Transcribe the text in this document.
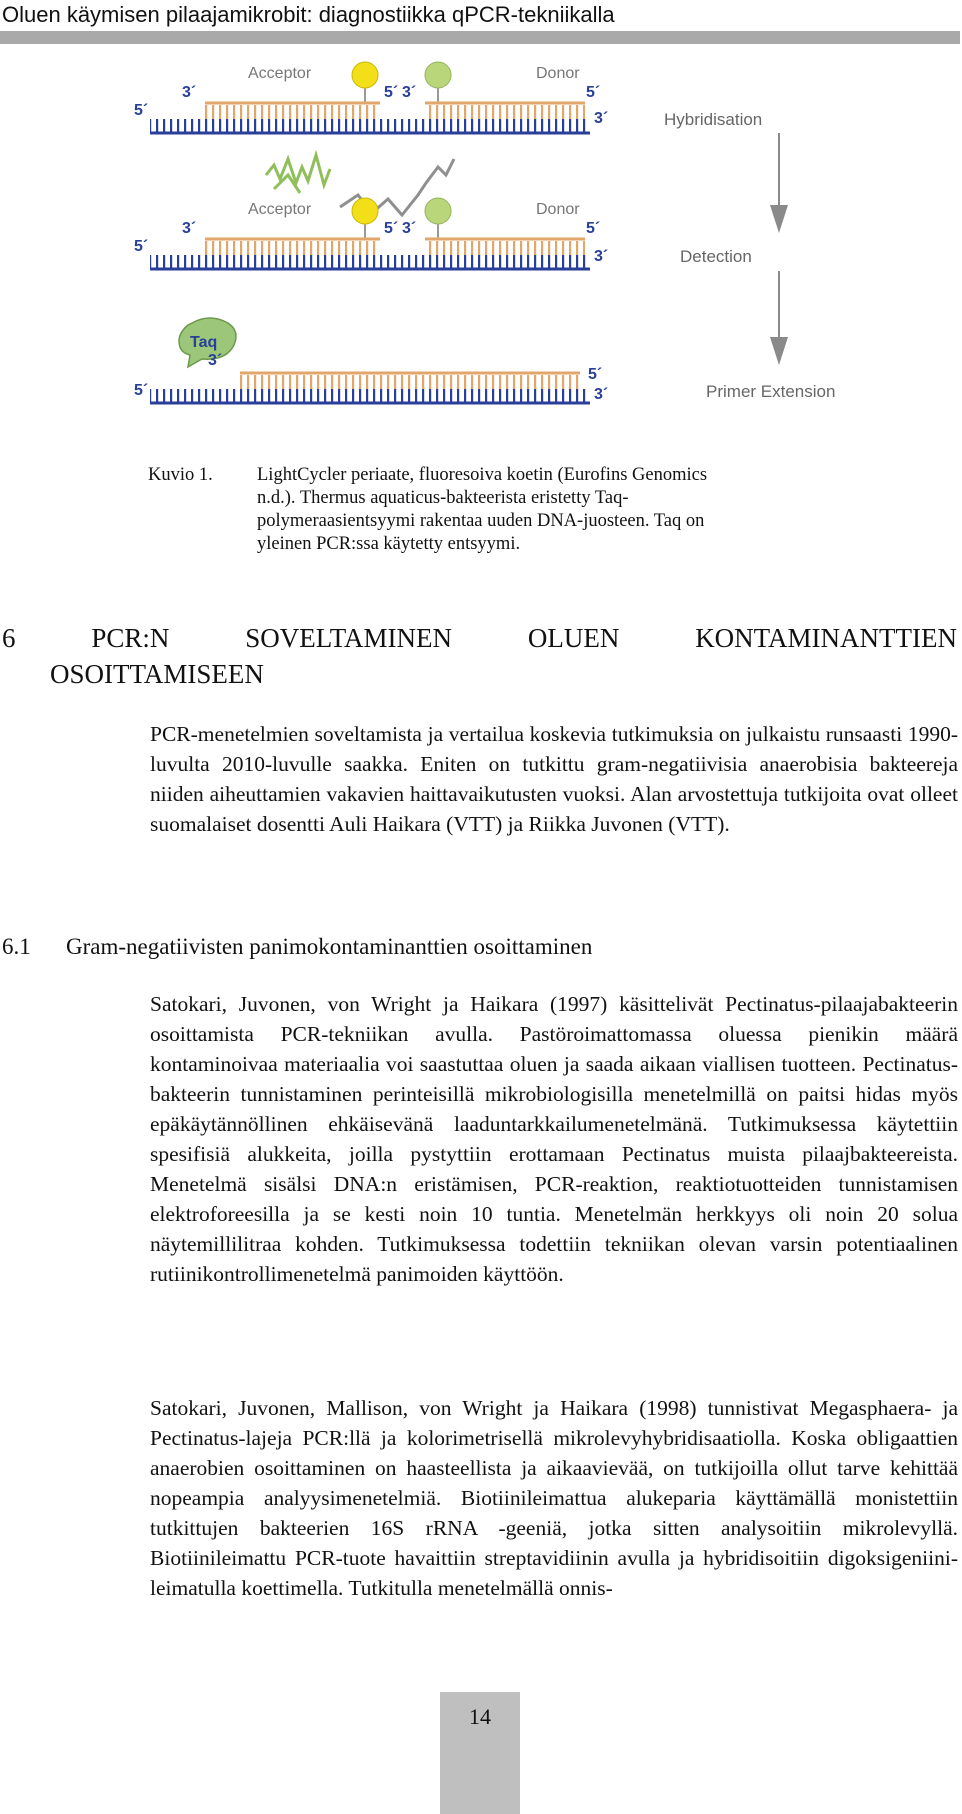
Oluen käymisen pilaajamikrobit: diagnostiikka qPCR-tekniikalla
Acceptor	Donor
3´	5´ 3´	5´
5´	3´	Hybridisation
Acceptor	Donor
3´	5´ 3´	5´
5´
3´	Detection
Taq
3´
5´
5´	3´	Primer Extension
Kuvio 1.	LightCycler periaate, fluoresoiva koetin (Eurofins Genomics n.d.). Thermus aquaticus-bakteerista eristetty Taq-polymeraasientsyymi rakentaa uuden DNA-juosteen. Taq on yleinen PCR:ssa käytetty entsyymi.
6	PCR:N	SOVELTAMINEN	OLUEN	KONTAMINANTTIEN
OSOITTAMISEEN

PCR-menetelmien soveltamista ja vertailua koskevia tutkimuksia on julkaistu runsaasti 1990-luvulta 2010-luvulle saakka. Eniten on tutkittu gram-negatiivisia anaerobisia bakteereja niiden aiheuttamien vakavien haittavaikutusten vuoksi. Alan arvostettuja tutkijoita ovat olleet suomalaiset dosentti Auli Haikara (VTT) ja Riikka Juvonen (VTT).

6.1 Gram-negatiivisten panimokontaminanttien osoittaminen

Satokari, Juvonen, von Wright ja Haikara (1997) käsittelivät Pectinatus-pilaajabakteerin osoittamista PCR-tekniikan avulla. Pastöroimattomassa oluessa pienikin määrä kontaminoivaa materiaalia voi saastuttaa oluen ja saada aikaan viallisen tuotteen. Pectinatus-bakteerin tunnistaminen perinteisillä mikrobiologisilla menetelmillä on paitsi hidas myös epäkäytännöllinen ehkäisevänä laaduntarkkailumenetelmänä. Tutkimuksessa käytettiin spesifisiä alukkeita, joilla pystyttiin erottamaan Pectinatus muista pilaajbakteereista. Menetelmä sisälsi DNA:n eristämisen, PCR-reaktion, reaktiotuotteiden tunnistamisen elektroforeesilla ja se kesti noin 10 tuntia. Menetelmän herkkyys oli noin 20 solua näytemillilitraa kohden. Tutkimuksessa todettiin tekniikan olevan varsin potentiaalinen rutiinikontrollimenetelmä panimoiden käyttöön.

Satokari, Juvonen, Mallison, von Wright ja Haikara (1998) tunnistivat Megasphaera- ja Pectinatus-lajeja PCR:llä ja kolorimetrisellä mikrolevyhybridisaatiolla. Koska obligaattien anaerobien osoittaminen on haasteellista ja aikaavievää, on tutkijoilla ollut tarve kehittää nopeampia analyysimenetelmiä. Biotiinileimattua alukeparia käyttämällä monistettiin tutkittujen bakteerien 16S rRNA -geeniä, jotka sitten analysoitiin mikrolevyllä. Biotiinileimattu PCR-tuote havaittiin streptavidiinin avulla ja hybridisoitiin digoksigeniini-leimatulla koettimella. Tutkitulla menetelmällä onnis-

14
